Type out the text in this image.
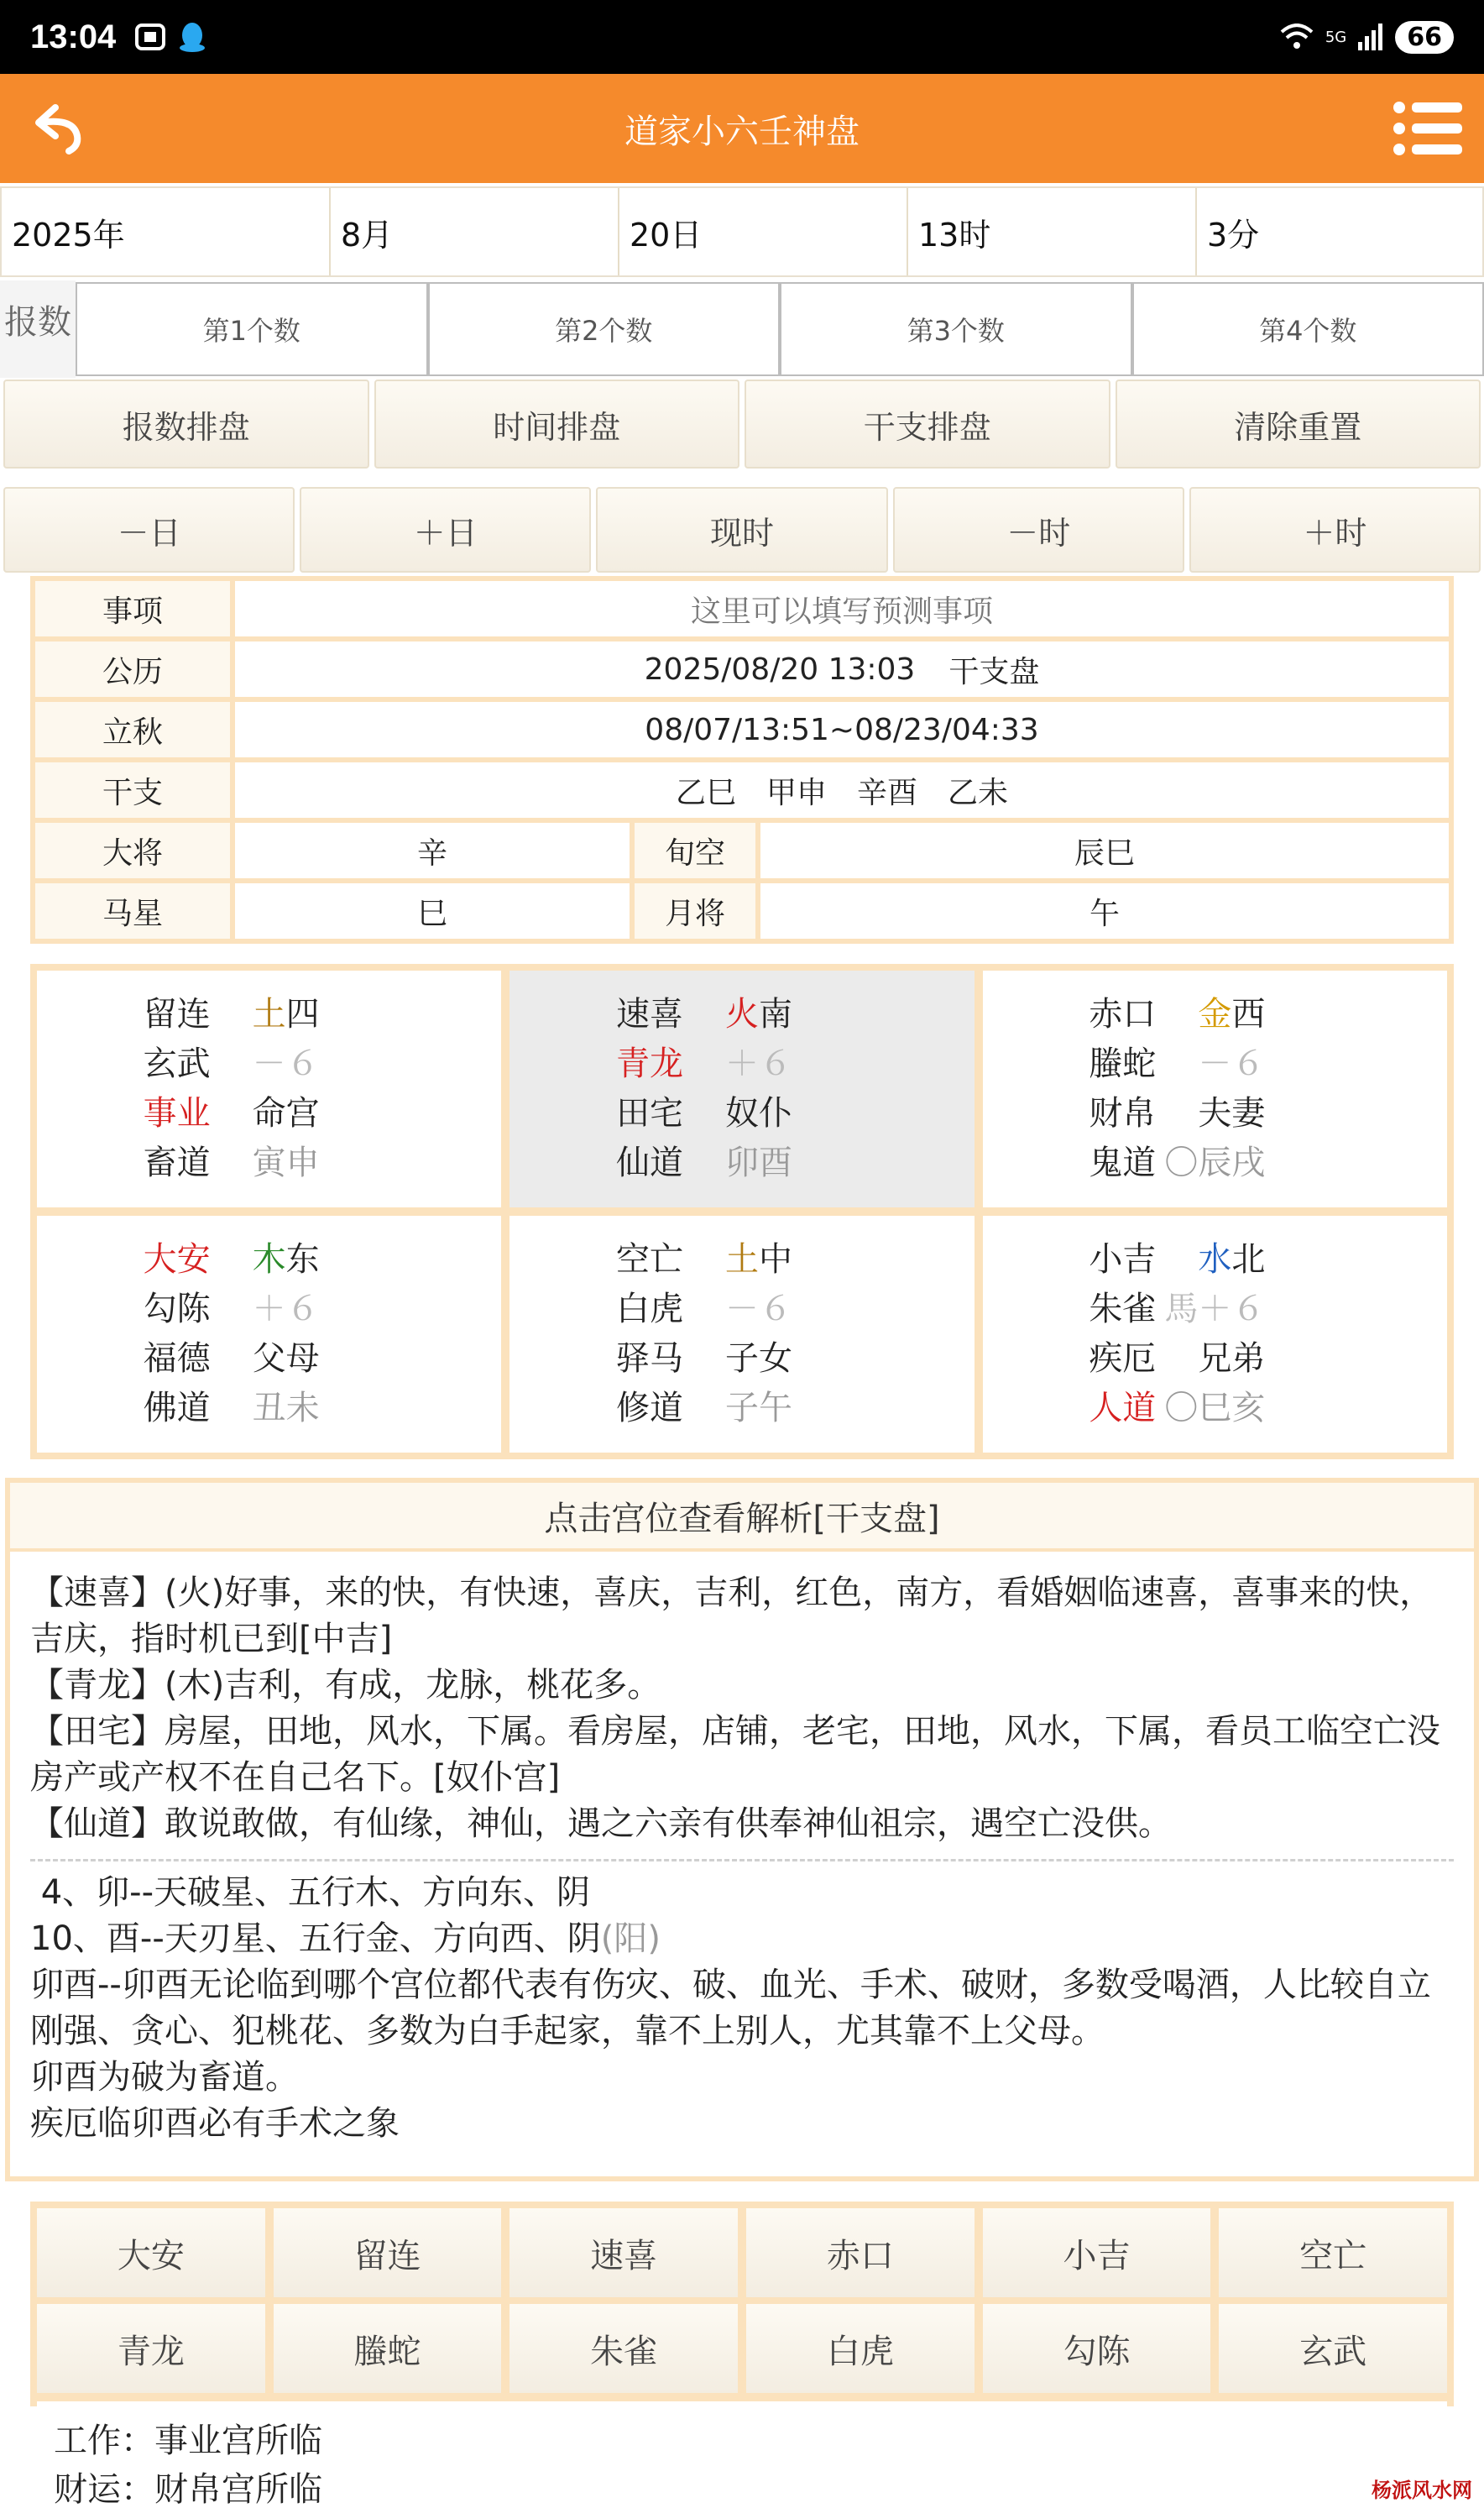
13:04	5G	66
道家小六壬神盘
2025年	8月	20日	13时	3分
报数	第1个数	第2个数	第3个数	第4个数
报数排盘	时间排盘	干支排盘	清除重置
－日	＋日	现时	－时	＋时
事项	这里可以填写预测事项
公历	2025/08/20 13:03 干支盘
立秋	08/07/13:51~08/23/04:33
干支	乙巳　甲申　辛酉　乙未
大将	辛	旬空	辰巳
马星	巳	月将	午
留连	土四
玄武	－６
事业	命宫
畜道	寅申
速喜	火南
青龙	＋６
田宅	奴仆
仙道	卯酉
赤口	金西
螣蛇	－６
财帛	夫妻
鬼道 〇辰戌
大安	木东
勾陈	＋６
福德	父母
佛道	丑未
空亡	土中
白虎	－６
驿马	子女
修道	子午
小吉	水北
朱雀 馬＋６
疾厄	兄弟
人道 〇巳亥
点击宫位查看解析[干支盘]
【速喜】(火)好事，来的快，有快速，喜庆，吉利，红色，南方，看婚姻临速喜，喜事来的快，吉庆，指时机已到[中吉]
【青龙】(木)吉利，有成，龙脉，桃花多。
【田宅】房屋，田地，风水，下属。看房屋，店铺，老宅，田地，风水，下属，看员工临空亡没房产或产权不在自己名下。[奴仆宫]
【仙道】敢说敢做，有仙缘，神仙，遇之六亲有供奉神仙祖宗，遇空亡没供。
4、卯--天破星、五行木、方向东、阴
10、酉--天刃星、五行金、方向西、阴(阳)
卯酉--卯酉无论临到哪个宫位都代表有伤灾、破、血光、手术、破财，多数受喝酒，人比较自立刚强、贪心、犯桃花、多数为白手起家，靠不上别人，尤其靠不上父母。
卯酉为破为畜道。
疾厄临卯酉必有手术之象
大安	留连	速喜	赤口	小吉	空亡
青龙	螣蛇	朱雀	白虎	勾陈	玄武
工作：事业宫所临
财运：财帛宫所临	杨派风水网
